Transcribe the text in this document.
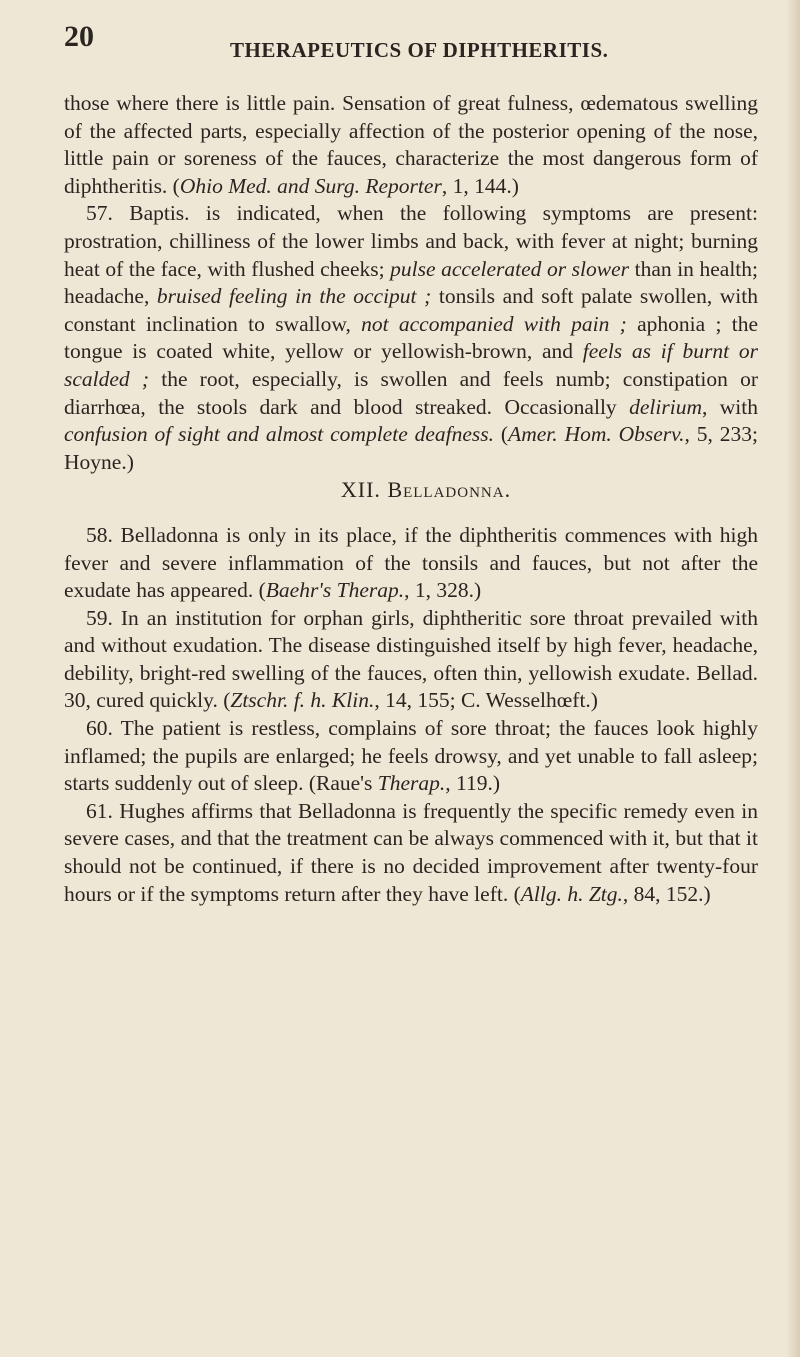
20	THERAPEUTICS OF DIPHTHERITIS.

those where there is little pain. Sensation of great fulness, œdematous swelling of the affected parts, especially affection of the posterior opening of the nose, little pain or soreness of the fauces, characterize the most dangerous form of diphtheritis. (Ohio Med. and Surg. Reporter, 1, 144.)

57. Baptis. is indicated, when the following symptoms are present: prostration, chilliness of the lower limbs and back, with fever at night; burning heat of the face, with flushed cheeks; pulse accelerated or slower than in health; headache, bruised feeling in the occiput ; tonsils and soft palate swollen, with constant inclination to swallow, not accompanied with pain ; aphonia ; the tongue is coated white, yellow or yellowish-brown, and feels as if burnt or scalded ; the root, especially, is swollen and feels numb; constipation or diarrhœa, the stools dark and blood streaked. Occasionally delirium, with confusion of sight and almost complete deafness. (Amer. Hom. Observ., 5, 233; Hoyne.)

XII. Belladonna.

58. Belladonna is only in its place, if the diphtheritis commences with high fever and severe inflammation of the tonsils and fauces, but not after the exudate has appeared. (Baehr's Therap., 1, 328.)

59. In an institution for orphan girls, diphtheritic sore throat prevailed with and without exudation. The disease distinguished itself by high fever, headache, debility, bright-red swelling of the fauces, often thin, yellowish exudate. Bellad. 30, cured quickly. (Ztschr. f. h. Klin., 14, 155; C. Wesselhœft.)

60. The patient is restless, complains of sore throat; the fauces look highly inflamed; the pupils are enlarged; he feels drowsy, and yet unable to fall asleep; starts suddenly out of sleep. (Raue's Therap., 119.)

61. Hughes affirms that Belladonna is frequently the specific remedy even in severe cases, and that the treatment can be always commenced with it, but that it should not be continued, if there is no decided improvement after twenty-four hours or if the symptoms return after they have left. (Allg. h. Ztg., 84, 152.)
